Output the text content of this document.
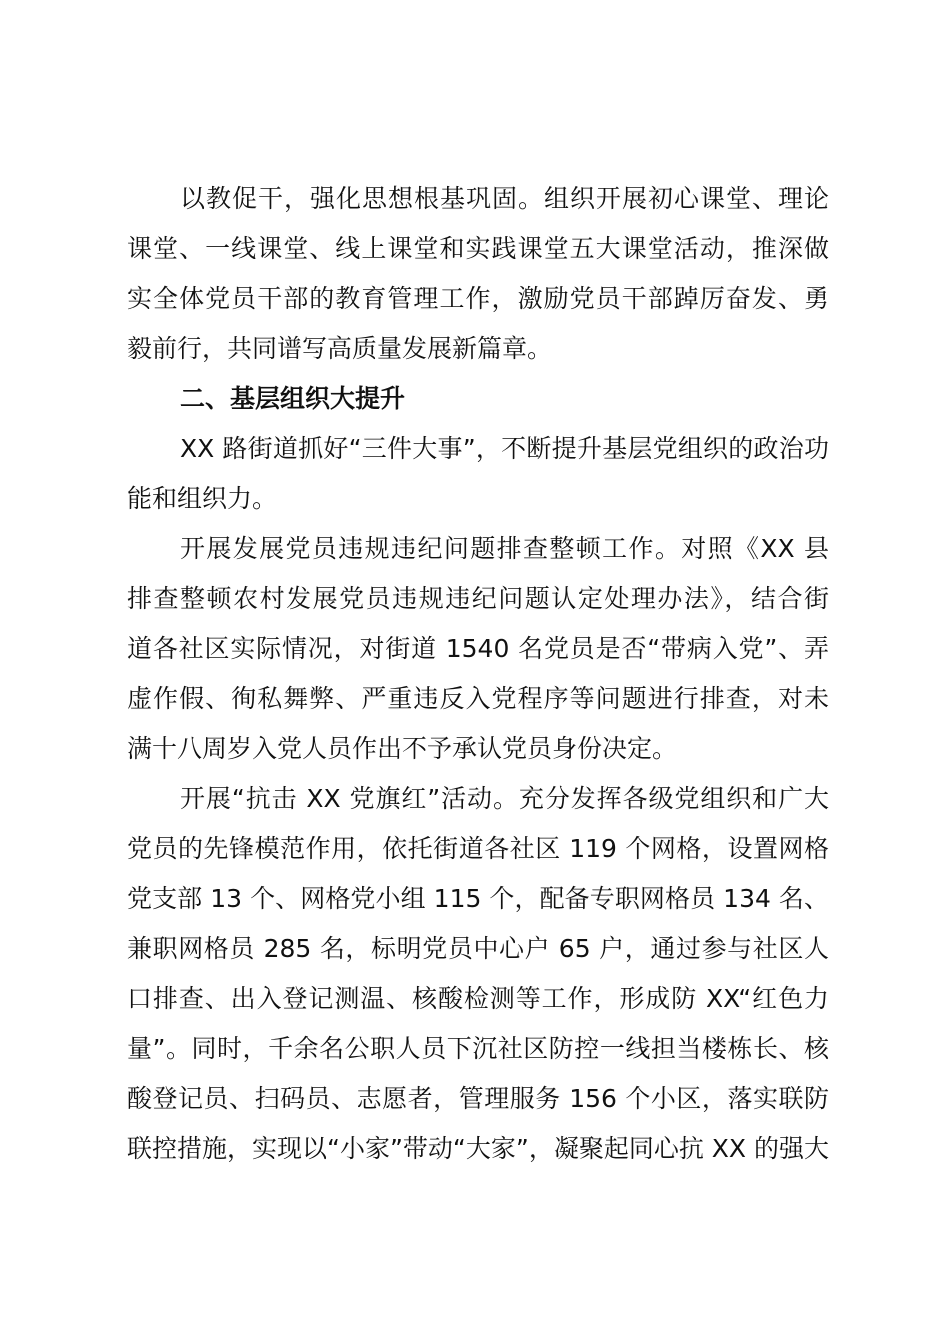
以教促干，强化思想根基巩固。组织开展初心课堂、理论
课堂、一线课堂、线上课堂和实践课堂五大课堂活动，推深做
实全体党员干部的教育管理工作，激励党员干部踔厉奋发、勇
毅前行，共同谱写高质量发展新篇章。
二、基层组织大提升
XX 路街道抓好“三件大事”，不断提升基层党组织的政治功
能和组织力。
开展发展党员违规违纪问题排查整顿工作。对照《XX 县
排查整顿农村发展党员违规违纪问题认定处理办法》，结合街
道各社区实际情况，对街道 1540 名党员是否“带病入党”、弄
虚作假、徇私舞弊、严重违反入党程序等问题进行排查，对未
满十八周岁入党人员作出不予承认党员身份决定。
开展“抗击 XX 党旗红”活动。充分发挥各级党组织和广大
党员的先锋模范作用，依托街道各社区 119 个网格，设置网格
党支部 13 个、网格党小组 115 个，配备专职网格员 134 名、
兼职网格员 285 名，标明党员中心户 65 户，通过参与社区人
口排查、出入登记测温、核酸检测等工作，形成防 XX“红色力
量”。同时，千余名公职人员下沉社区防控一线担当楼栋长、核
酸登记员、扫码员、志愿者，管理服务 156 个小区，落实联防
联控措施，实现以“小家”带动“大家”，凝聚起同心抗 XX 的强大
